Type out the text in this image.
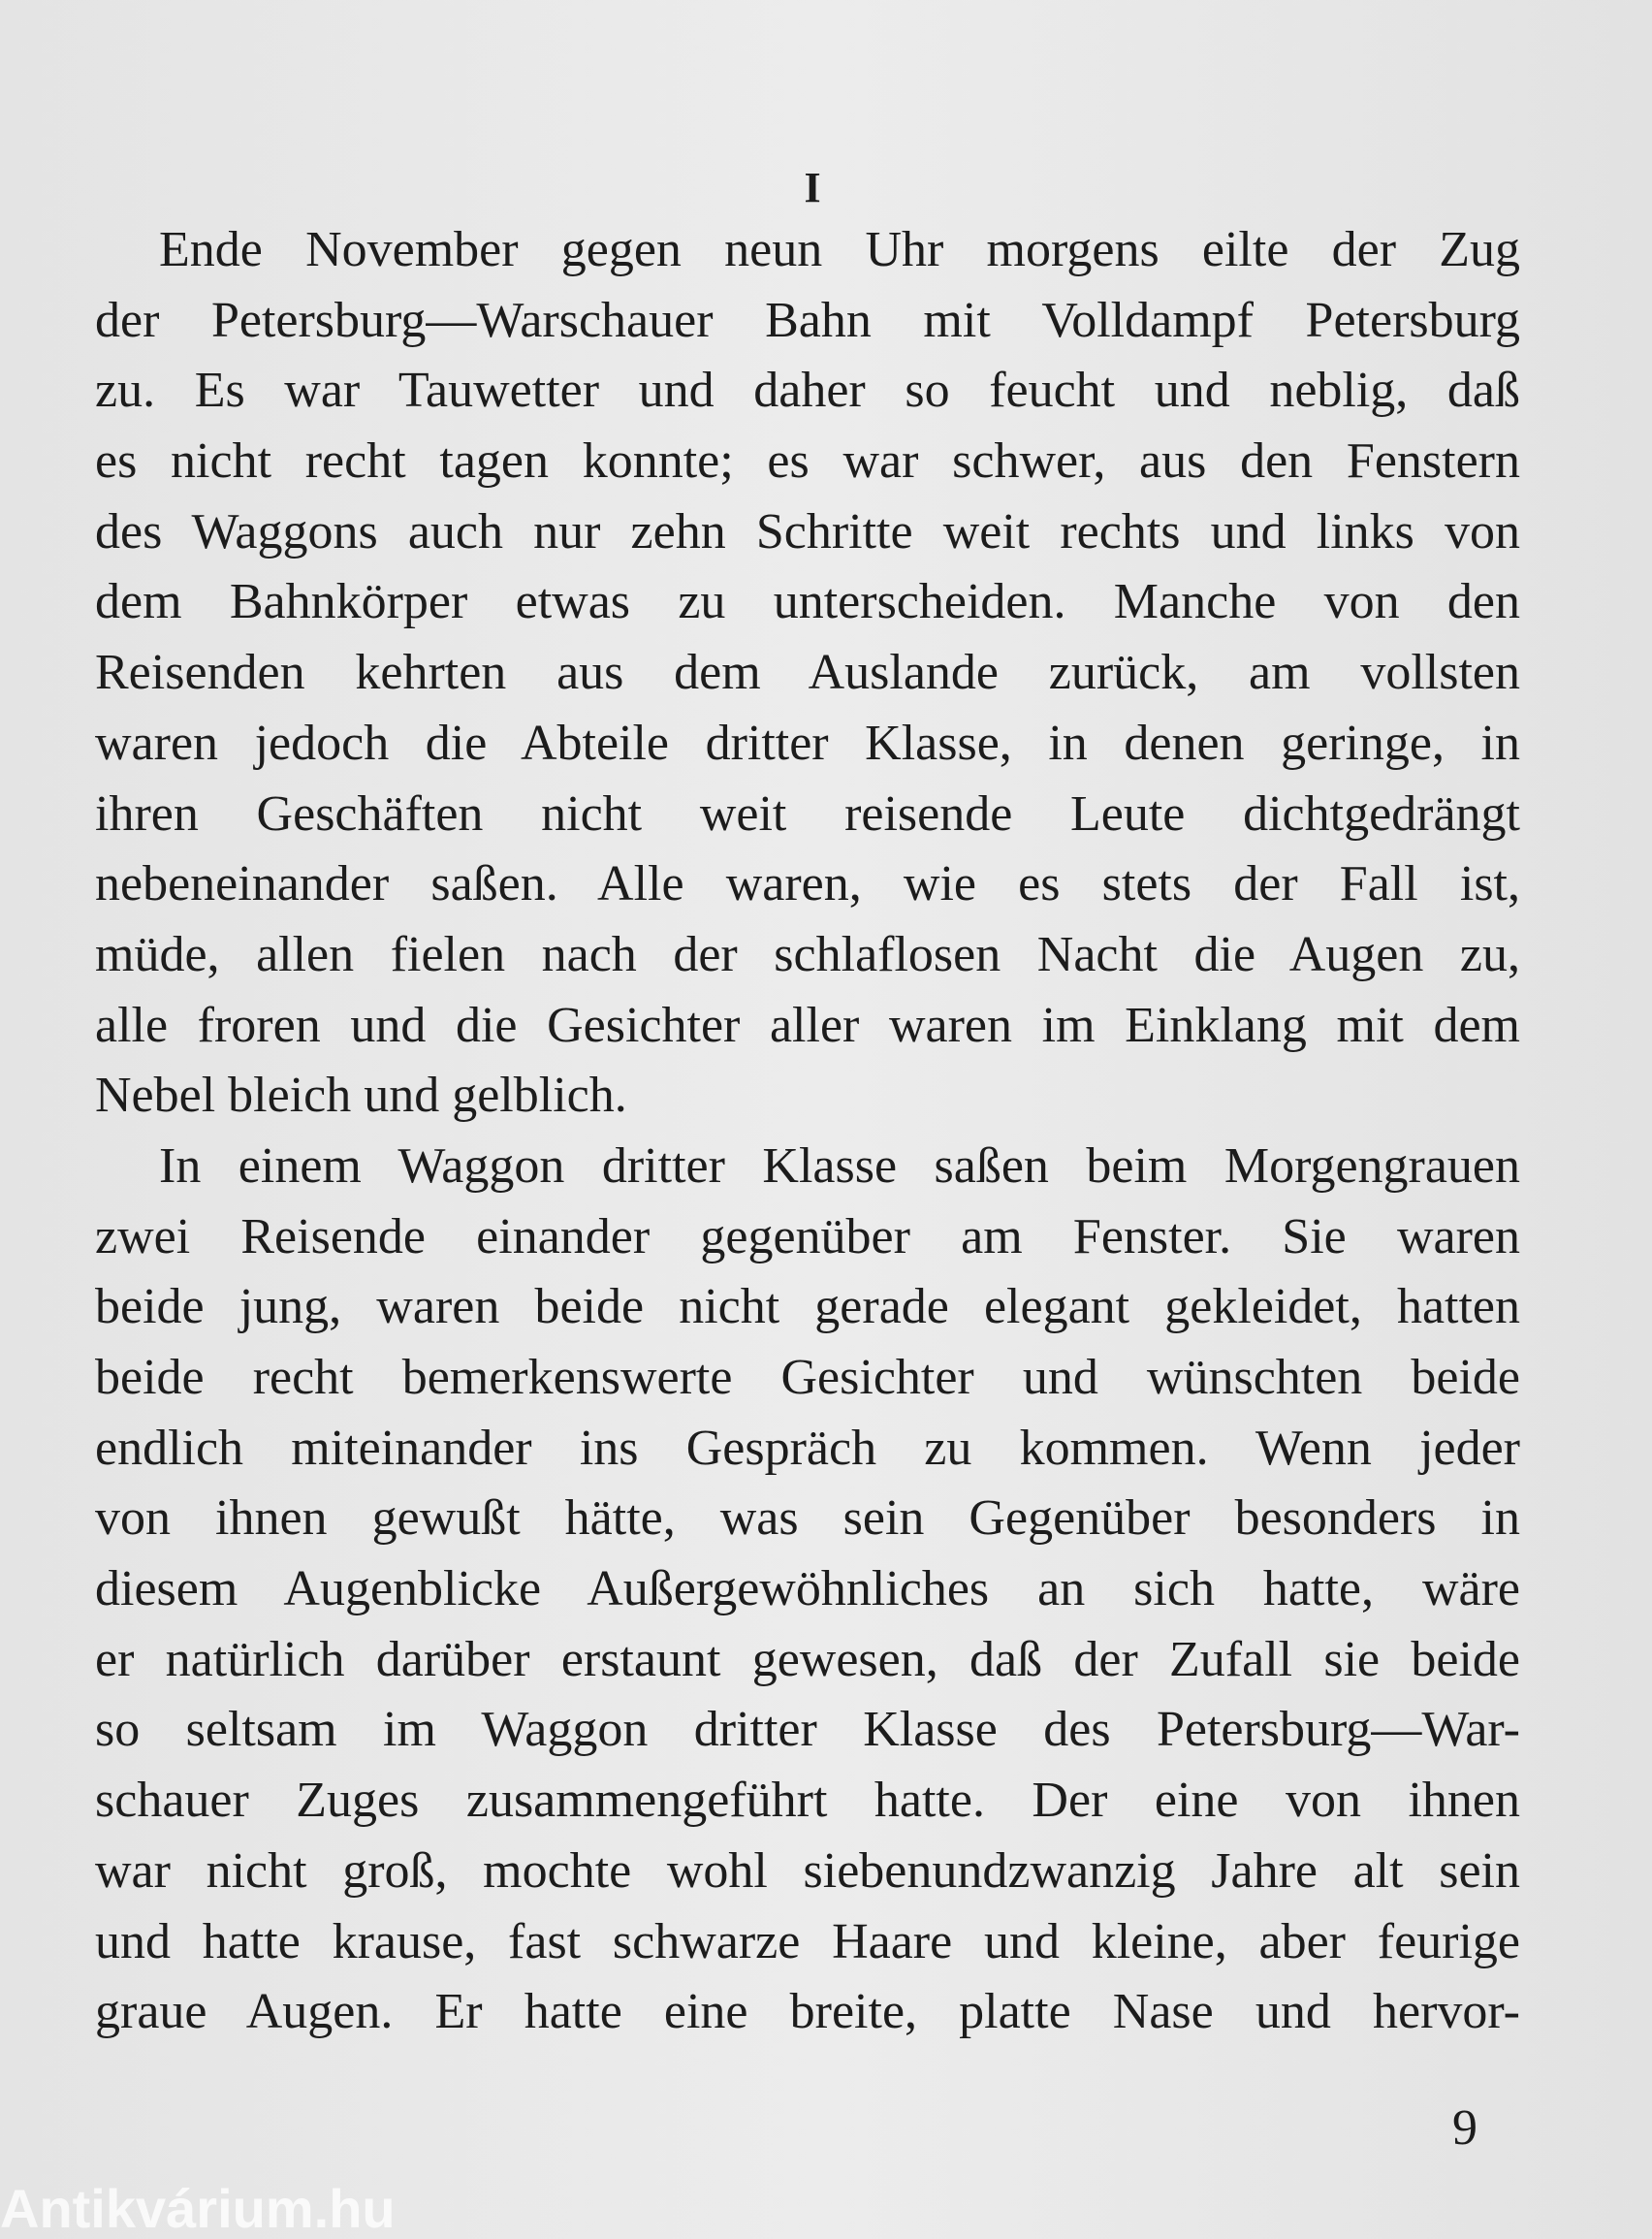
I
Ende November gegen neun Uhr morgens eilte der Zug
der Petersburg—Warschauer Bahn mit Volldampf Petersburg
zu. Es war Tauwetter und daher so feucht und neblig, daß
es nicht recht tagen konnte; es war schwer, aus den Fenstern
des Waggons auch nur zehn Schritte weit rechts und links von
dem Bahnkörper etwas zu unterscheiden. Manche von den
Reisenden kehrten aus dem Auslande zurück, am vollsten
waren jedoch die Abteile dritter Klasse, in denen geringe, in
ihren Geschäften nicht weit reisende Leute dichtgedrängt
nebeneinander saßen. Alle waren, wie es stets der Fall ist,
müde, allen fielen nach der schlaflosen Nacht die Augen zu,
alle froren und die Gesichter aller waren im Einklang mit dem
Nebel bleich und gelblich.
In einem Waggon dritter Klasse saßen beim Morgengrauen
zwei Reisende einander gegenüber am Fenster. Sie waren
beide jung, waren beide nicht gerade elegant gekleidet, hatten
beide recht bemerkenswerte Gesichter und wünschten beide
endlich miteinander ins Gespräch zu kommen. Wenn jeder
von ihnen gewußt hätte, was sein Gegenüber besonders in
diesem Augenblicke Außergewöhnliches an sich hatte, wäre
er natürlich darüber erstaunt gewesen, daß der Zufall sie beide
so seltsam im Waggon dritter Klasse des Petersburg—War-
schauer Zuges zusammengeführt hatte. Der eine von ihnen
war nicht groß, mochte wohl siebenundzwanzig Jahre alt sein
und hatte krause, fast schwarze Haare und kleine, aber feurige
graue Augen. Er hatte eine breite, platte Nase und hervor-
9
Antikvárium.hu
